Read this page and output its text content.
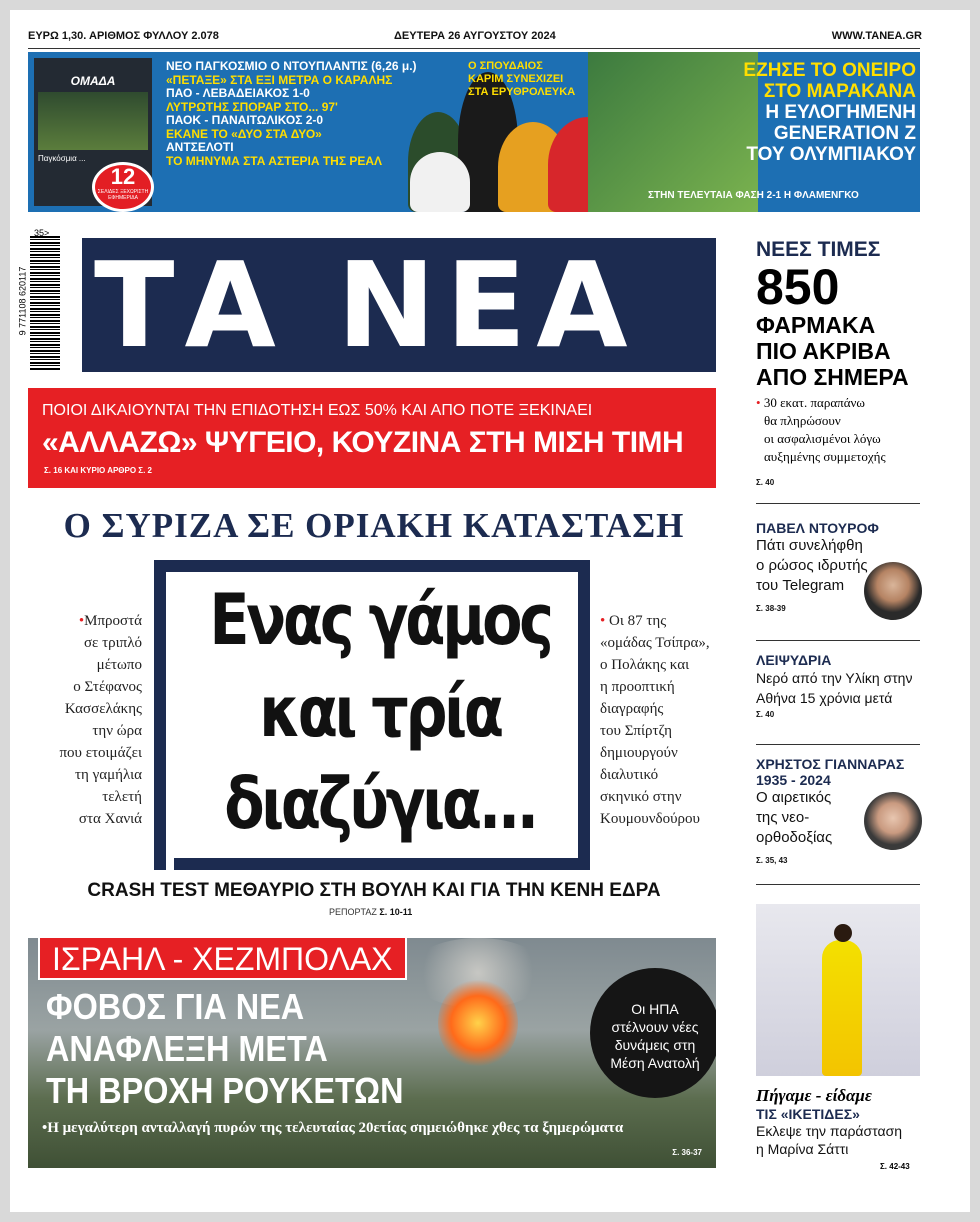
ΕΥΡΩ 1,30. ΑΡΙΘΜΟΣ ΦΥΛΛΟΥ 2.078	ΔΕΥΤΕΡΑ 26 ΑΥΓΟΥΣΤΟΥ 2024	WWW.TANEA.GR
ΟΜΑΔΑ
Παγκόσμια ...
12
ΣΕΛΙΔΕΣ ΞΕΧΩΡΙΣΤΗ ΕΦΗΜΕΡΙΔΑ
ΝΕΟ ΠΑΓΚΟΣΜΙΟ Ο ΝΤΟΥΠΛΑΝΤΙΣ (6,26 μ.)
«ΠΕΤΑΞΕ» ΣΤΑ ΕΞΙ ΜΕΤΡΑ Ο ΚΑΡΑΛΗΣ
ΠΑΟ - ΛΕΒΑΔΕΙΑΚΟΣ 1-0
ΛΥΤΡΩΤΗΣ ΣΠΟΡΑΡ ΣΤΟ... 97'
ΠΑΟΚ - ΠΑΝΑΙΤΩΛΙΚΟΣ 2-0
ΕΚΑΝΕ ΤΟ «ΔΥΟ ΣΤΑ ΔΥΟ»
ΑΝΤΣΕΛΟΤΙ
ΤΟ ΜΗΝΥΜΑ ΣΤΑ ΑΣΤΕΡΙΑ ΤΗΣ ΡΕΑΛ
Ο ΣΠΟΥΔΑΙΟΣ
ΚΑΡΙΜ ΣΥΝΕΧΙΖΕΙ
ΣΤΑ ΕΡΥΘΡΟΛΕΥΚΑ
ΕΖΗΣΕ ΤΟ ΟΝΕΙΡΟ
ΣΤΟ ΜΑΡΑΚΑΝΑ
Η ΕΥΛΟΓΗΜΕΝΗ
GENERATION Z
ΤΟΥ ΟΛΥΜΠΙΑΚΟΥ
ΣΤΗΝ ΤΕΛΕΥΤΑΙΑ ΦΑΣΗ 2-1 Η ΦΛΑΜΕΝΓΚΟ
9 771108 620117
35>
ΤΑ ΝΕΑ
ΠΟΙΟΙ ΔΙΚΑΙΟΥΝΤΑΙ ΤΗΝ ΕΠΙΔΟΤΗΣΗ ΕΩΣ 50% ΚΑΙ ΑΠΟ ΠΟΤΕ ΞΕΚΙΝΑΕΙ
«ΑΛΛΑΖΩ» ΨΥΓΕΙΟ, ΚΟΥΖΙΝΑ ΣΤΗ ΜΙΣΗ ΤΙΜΗ
Σ. 16 ΚΑΙ ΚΥΡΙΟ ΑΡΘΡΟ Σ. 2
Ο ΣΥΡΙΖΑ ΣΕ ΟΡΙΑΚΗ ΚΑΤΑΣΤΑΣΗ
Ενας γάμος
και τρία
διαζύγια...
•Μπροστά
σε τριπλό
μέτωπο
ο Στέφανος
Κασσελάκης
την ώρα
που ετοιμάζει
τη γαμήλια
τελετή
στα Χανιά
• Οι 87 της
«ομάδας Τσίπρα»,
ο Πολάκης και
η προοπτική
διαγραφής
του Σπίρτζη
δημιουργούν
διαλυτικό
σκηνικό στην
Κουμουνδούρου
CRASH TEST ΜΕΘΑΥΡΙΟ ΣΤΗ ΒΟΥΛΗ ΚΑΙ ΓΙΑ ΤΗΝ ΚΕΝΗ ΕΔΡΑ
ΡΕΠΟΡΤΑΖ Σ. 10-11
ΙΣΡΑΗΛ - ΧΕΖΜΠΟΛΑΧ
ΦΟΒΟΣ ΓΙΑ ΝΕΑ
ΑΝΑΦΛΕΞΗ ΜΕΤΑ
ΤΗ ΒΡΟΧΗ ΡΟΥΚΕΤΩΝ
Οι ΗΠΑ
στέλνουν νέες
δυνάμεις στη
Μέση Ανατολή
•Η μεγαλύτερη ανταλλαγή πυρών της τελευταίας 20ετίας σημειώθηκε χθες τα ξημερώματα
Σ. 36-37
ΝΕΕΣ ΤΙΜΕΣ
850
ΦΑΡΜΑΚΑ
ΠΙΟ ΑΚΡΙΒΑ
ΑΠΟ ΣΗΜΕΡΑ
• 30 εκατ. παραπάνω
θα πληρώσουν
οι ασφαλισμένοι λόγω
αυξημένης συμμετοχής
Σ. 40
ΠΑΒΕΛ ΝΤΟΥΡΟΦ
Πάτι συνελήφθη
ο ρώσος ιδρυτής
του Telegram
Σ. 38-39
ΛΕΙΨΥΔΡΙΑ
Νερό από την Υλίκη στην
Αθήνα 15 χρόνια μετά
Σ. 40
ΧΡΗΣΤΟΣ ΓΙΑΝΝΑΡΑΣ
1935 - 2024
Ο αιρετικός
της νεο-
ορθοδοξίας
Σ. 35, 43
Πήγαμε - είδαμε
ΤΙΣ «ΙΚΕΤΙΔΕΣ»
Εκλεψε την παράσταση
η Μαρίνα Σάττι
Σ. 42-43
